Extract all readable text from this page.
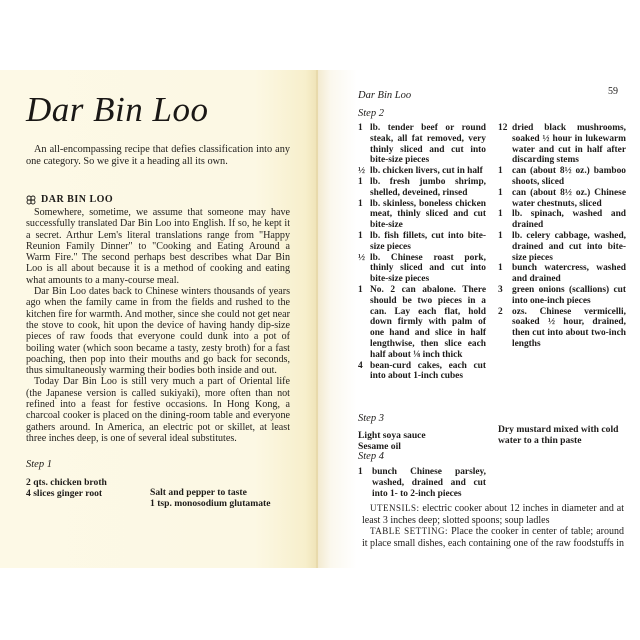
Dar Bin Loo

An all-encompassing recipe that defies classification into any one category. So we give it a heading all its own.

DAR BIN LOO

Somewhere, sometime, we assume that someone may have successfully translated Dar Bin Loo into English. If so, he kept it a secret. Arthur Lem's literal translations range from "Happy Reunion Family Dinner" to "Cooking and Eating Around a Warm Fire." The second perhaps best describes what Dar Bin Loo is all about because it is a method of cooking and eating what amounts to a many-course meal.

Dar Bin Loo dates back to Chinese winters thousands of years ago when the family came in from the fields and rushed to the kitchen fire for warmth. And mother, since she could not get near the stove to cook, hit upon the device of having handy dip-size pieces of raw foods that everyone could dunk into a pot of boiling water (which soon became a tasty, zesty broth) for a fast poaching, then pop into their mouths and go back for seconds, thus simultaneously warming their bodies both inside and out.

Today Dar Bin Loo is still very much a part of Oriental life (the Japanese version is called sukiyaki), more often than not refined into a feast for festive occasions. In Hong Kong, a charcoal cooker is placed on the dining-room table and everyone gathers around. In America, an electric pot or skillet, at least three inches deep, is one of several ideal substitutes.

Step 1
2 qts. chicken broth
4 slices ginger root	Salt and pepper to taste
1 tsp. monosodium glutamate
Dar Bin Loo	59
Step 2
1 lb. tender beef or round steak, all fat removed, very thinly sliced and cut into bite-size pieces
½ lb. chicken livers, cut in half
1 lb. fresh jumbo shrimp, shelled, deveined, rinsed
1 lb. skinless, boneless chicken meat, thinly sliced and cut bite-size
1 lb. fish fillets, cut into bite-size pieces
½ lb. Chinese roast pork, thinly sliced and cut into bite-size pieces
1 No. 2 can abalone. There should be two pieces in a can. Lay each flat, hold down firmly with palm of one hand and slice in half lengthwise, then slice each half about ⅛ inch thick
4 bean-curd cakes, each cut into about 1-inch cubes
12 dried black mushrooms, soaked ½ hour in lukewarm water and cut in half after discarding stems
1 can (about 8½ oz.) bamboo shoots, sliced
1 can (about 8½ oz.) Chinese water chestnuts, sliced
1 lb. spinach, washed and drained
1 lb. celery cabbage, washed, drained and cut into bite-size pieces
1 bunch watercress, washed and drained
3 green onions (scallions) cut into one-inch pieces
2 ozs. Chinese vermicelli, soaked ½ hour, drained, then cut into about two-inch lengths
Step 3
Light soya sauce
Sesame oil
Dry mustard mixed with cold water to a thin paste
Step 4
1 bunch Chinese parsley, washed, drained and cut into 1- to 2-inch pieces

UTENSILS: electric cooker about 12 inches in diameter and at least 3 inches deep; slotted spoons; soup ladles

TABLE SETTING: Place the cooker in center of table; around it place small dishes, each containing one of the raw foodstuffs in
